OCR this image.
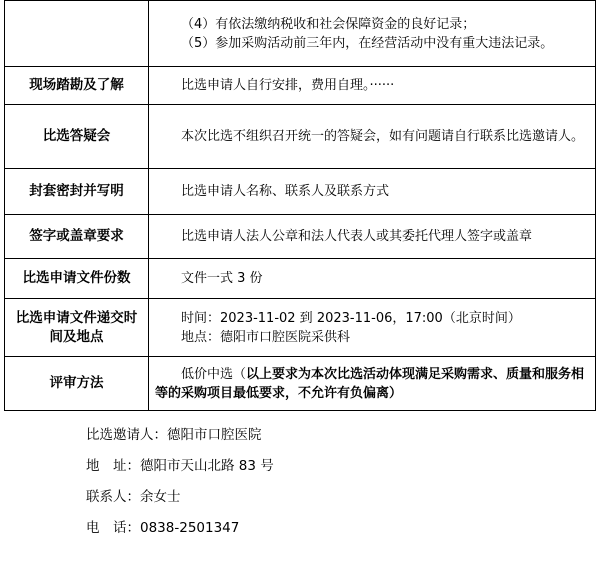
	（4）有依法缴纳税收和社会保障资金的良好记录；
（5）参加采购活动前三年内，在经营活动中没有重大违法记录。

现场踏勘及了解	比选申请人自行安排，费用自理。······
比选答疑会	本次比选不组织召开统一的答疑会，如有问题请自行联系比选邀请人。
封套密封并写明	比选申请人名称、联系人及联系方式
签字或盖章要求	比选申请人法人公章和法人代表人或其委托代理人签字或盖章
比选申请文件份数	文件一式 3 份
比选申请文件递交时间及地点	时间：2023-11-02 到 2023-11-06，17:00（北京时间）
地点：德阳市口腔医院采供科

评审方法	低价中选（以上要求为本次比选活动体现满足采购需求、质量和服务相等的采购项目最低要求，不允许有负偏离）
比选邀请人：德阳市口腔医院
地　址：德阳市天山北路 83 号
联系人：余女士
电　话：0838-2501347
